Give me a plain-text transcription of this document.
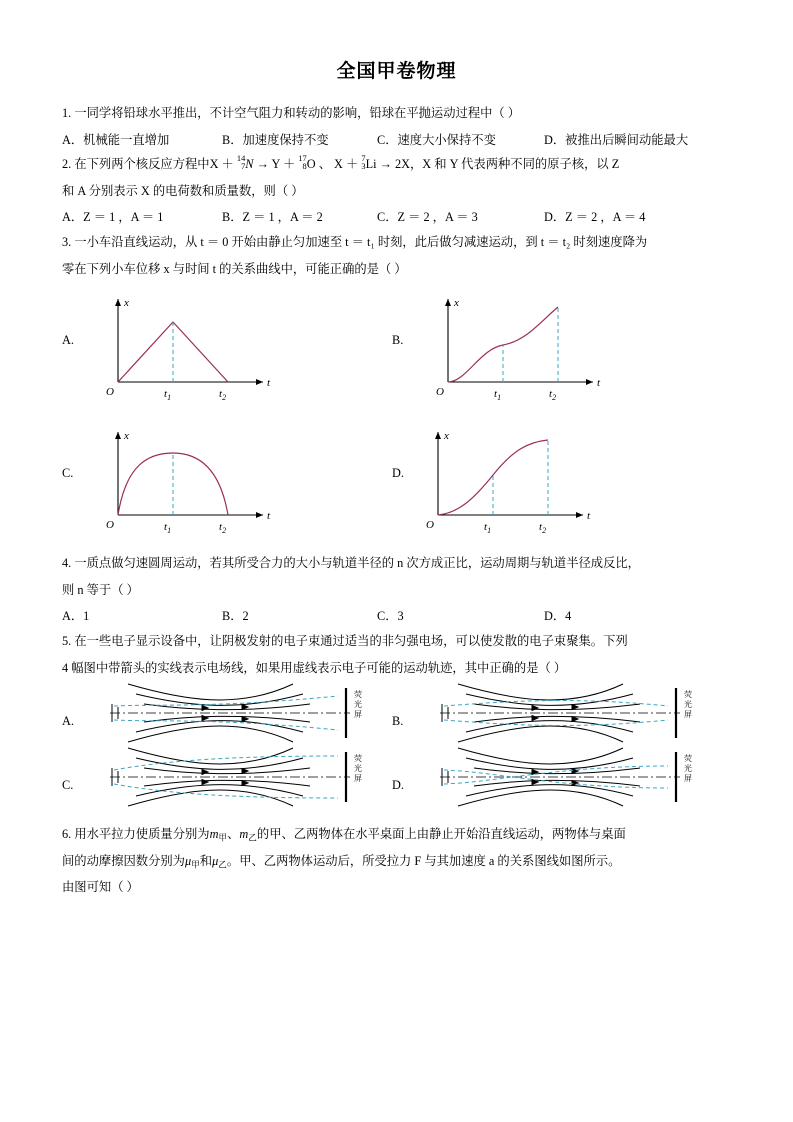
全国甲卷物理
1. 一同学将铅球水平推出，不计空气阻力和转动的影响，铅球在平抛运动过程中（ ）
A．机械能一直增加	B．加速度保持不变	C．速度大小保持不变	D．被推出后瞬间动能最大
2. 在下列两个核反应方程中X ＋ 14
7 N → Y ＋ 17
8 O 、 X ＋ 7
3 Li → 2X，X 和 Y 代表两种不同的原子核，以 Z
和 A 分别表示 X 的电荷数和质量数，则（ ）
A．Z ＝ 1 ，A ＝ 1	B．Z ＝ 1 ，A ＝ 2	C．Z ＝ 2 ，A ＝ 3	D．Z ＝ 2 ，A ＝ 4
3. 一小车沿直线运动，从 t ＝ 0 开始由静止匀加速至 t ＝ t₁ 时刻，此后做匀减速运动，到 t ＝ t₂ 时刻速度降为
零在下列小车位移 x 与时间 t 的关系曲线中，可能正确的是（ ）
A.
x
t
O	$t_1$	$t_2$
B.
x
t
O	$t_1$	$t_2$
C.
x
t
O	$t_1$	$t_2$
D.
x
t
O	$t_1$	$t_2$
4. 一质点做匀速圆周运动，若其所受合力的大小与轨道半径的 n 次方成正比，运动周期与轨道半径成反比，
则 n 等于（ ）
A．1	B．2	C．3	D．4
5. 在一些电子显示设备中，让阴极发射的电子束通过适当的非匀强电场，可以使发散的电子束聚集。下列
4 幅图中带箭头的实线表示电场线，如果用虚线表示电子可能的运动轨迹，其中正确的是（ ）
A.
荧
光
屏 B.
荧
光
屏
C.
荧
光
屏 D.
荧
光
屏
6. 用水平拉力使质量分别为$m_甲$、$m_乙$的甲、乙两物体在水平桌面上由静止开始沿直线运动，两物体与桌面
间的动摩擦因数分别为$\mu_甲$和$\mu_乙$。甲、乙两物体运动后，所受拉力 F 与其加速度 a 的关系图线如图所示。
由图可知（ ）
